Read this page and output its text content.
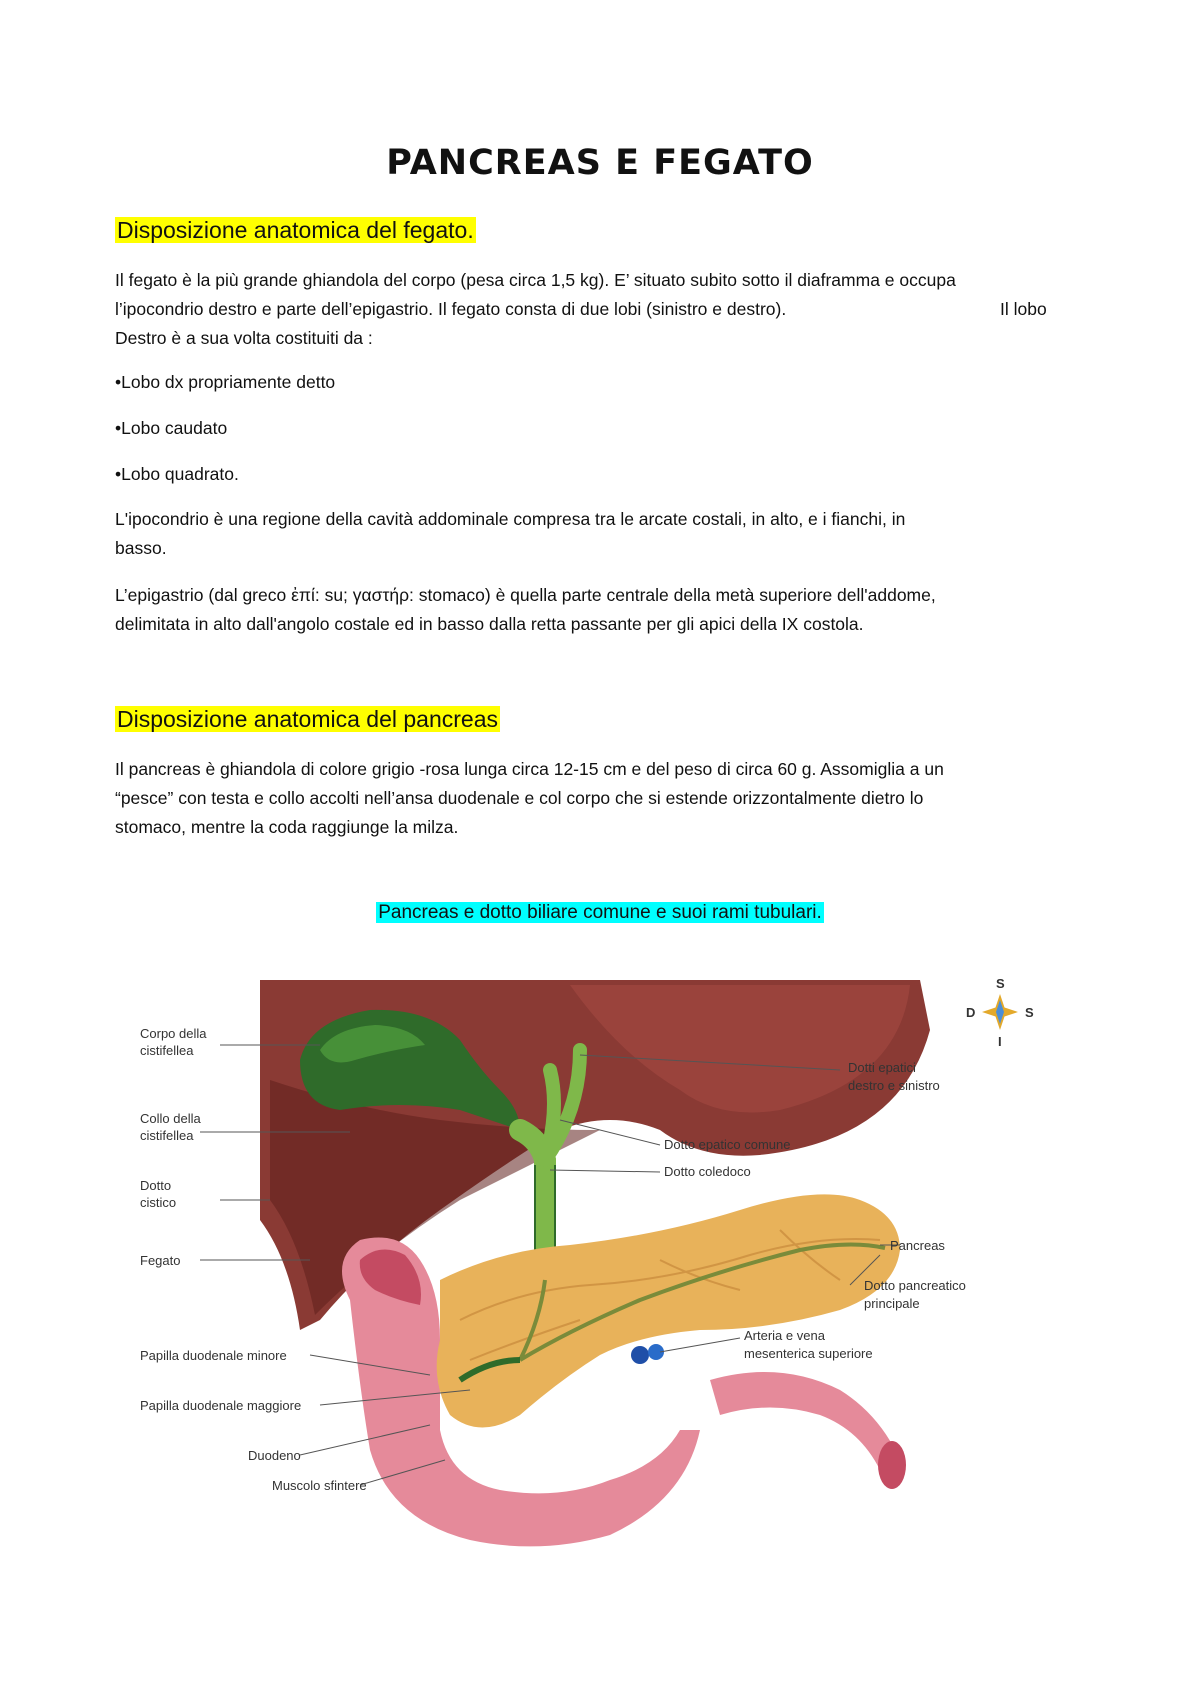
PANCREAS E FEGATO
Disposizione anatomica del fegato.

Il fegato è la più grande ghiandola del corpo (pesa circa 1,5 kg). E’ situato subito sotto il diaframma e occupa

l’ipocondrio destro e parte dell’epigastrio. Il fegato consta di due lobi (sinistro e destro).	Il lobo

Destro è a sua volta costituiti da :

•Lobo dx propriamente detto

•Lobo caudato

•Lobo quadrato.

L'ipocondrio è una regione della cavità addominale compresa tra le arcate costali, in alto, e i fianchi, in

basso.

L’epigastrio (dal greco ἐπί: su; γαστήρ: stomaco) è quella parte centrale della metà superiore dell'addome,

delimitata in alto dall'angolo costale ed in basso dalla retta passante per gli apici della IX costola.

Disposizione anatomica del pancreas

Il pancreas è ghiandola di colore grigio -rosa lunga circa 12-15 cm e del peso di circa 60 g. Assomiglia a un

“pesce” con testa e collo accolti nell’ansa duodenale e col corpo che si estende orizzontalmente dietro lo

stomaco, mentre la coda raggiunge la milza.

Pancreas e dotto biliare comune e suoi rami tubulari.

S
D	S
I
Corpo della
cistifellea
Collo della
cistifellea
Dotto
cistico
Fegato
Papilla duodenale minore
Papilla duodenale maggiore
Duodeno
Muscolo sfintere
Dotti epatici
destro e sinistro
Dotto epatico comune
Dotto coledoco
Pancreas
Dotto pancreatico
principale
Arteria e vena
mesenterica superiore
